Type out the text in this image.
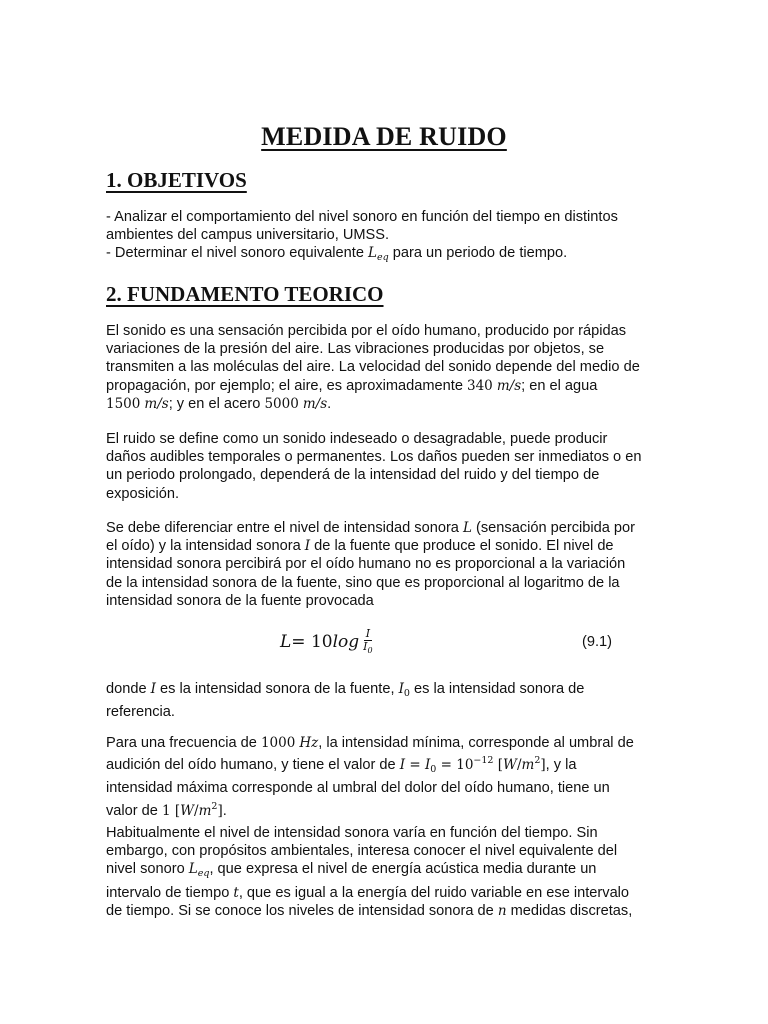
MEDIDA DE RUIDO
1. OBJETIVOS

- Analizar el comportamiento del nivel sonoro en función del tiempo en distintos
ambientes del campus universitario, UMSS.
- Determinar el nivel sonoro equivalente $L_{eq}$ para un periodo de tiempo.

2. FUNDAMENTO TEORICO

El sonido es una sensación percibida por el oído humano, producido por rápidas
variaciones de la presión del aire. Las vibraciones producidas por objetos, se
transmiten a las moléculas del aire. La velocidad del sonido depende del medio de
propagación, por ejemplo; el aire, es aproximadamente 340 m/s; en el agua
1500 m/s; y en el acero 5000 m/s.

El ruido se define como un sonido indeseado o desagradable, puede producir
daños audibles temporales o permanentes. Los daños pueden ser inmediatos o en
un periodo prolongado, dependerá de la intensidad del ruido y del tiempo de
exposición.

Se debe diferenciar entre el nivel de intensidad sonora L (sensación percibida por
el oído) y la intensidad sonora I de la fuente que produce el sonido. El nivel de
intensidad sonora percibirá por el oído humano no es proporcional a la variación
de la intensidad sonora de la fuente, sino que es proporcional al logaritmo de la
intensidad sonora de la fuente provocada

L = 10 $\log \frac{I}{I_0}$	(9.1)

donde I es la intensidad sonora de la fuente, $I_0$ es la intensidad sonora de
referencia.

Para una frecuencia de 1000 Hz, la intensidad mínima, corresponde al umbral de
audición del oído humano, y tiene el valor de $I = I_0 = 10^{-12}$ $[W/m^2]$, y la
intensidad máxima corresponde al umbral del dolor del oído humano, tiene un
valor de 1 $[W/m^2]$.

Habitualmente el nivel de intensidad sonora varía en función del tiempo. Sin
embargo, con propósitos ambientales, interesa conocer el nivel equivalente del
nivel sonoro $L_{eq}$, que expresa el nivel de energía acústica media durante un
intervalo de tiempo t, que es igual a la energía del ruido variable en ese intervalo
de tiempo. Si se conoce los niveles de intensidad sonora de n medidas discretas,
